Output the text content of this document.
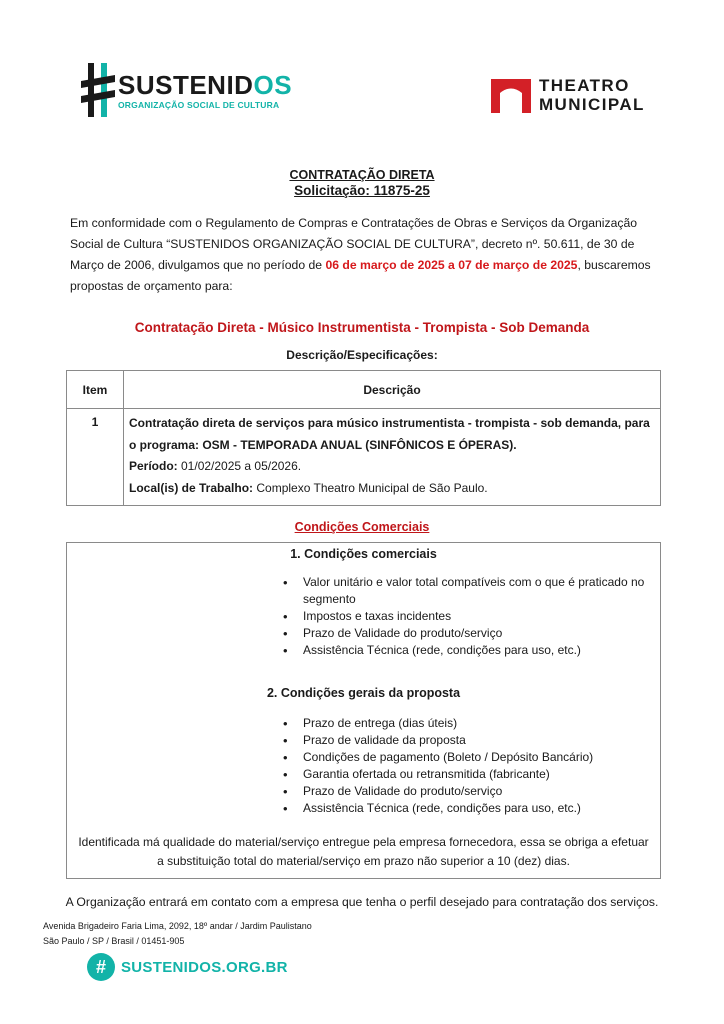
SUSTENIDOS
ORGANIZAÇÃO SOCIAL DE CULTURA
THEATRO
MUNICIPAL
CONTRATAÇÃO DIRETA
Solicitação: 11875-25

Em conformidade com o Regulamento de Compras e Contratações de Obras e Serviços da Organização Social de Cultura “SUSTENIDOS ORGANIZAÇÃO SOCIAL DE CULTURA”, decreto nº. 50.611, de 30 de Março de 2006, divulgamos que no período de 06 de março de 2025 a 07 de março de 2025, buscaremos propostas de orçamento para:

Contratação Direta - Músico Instrumentista - Trompista - Sob Demanda
Descrição/Especificações:
Item	Descrição
1	Contratação direta de serviços para músico instrumentista - trompista - sob demanda, para o programa: OSM - TEMPORADA ANUAL (SINFÔNICOS E ÓPERAS).
Período: 01/02/2025 a 05/2026.
Local(is) de Trabalho: Complexo Theatro Municipal de São Paulo.
Condições Comerciais
1. Condições comerciais
• Valor unitário e valor total compatíveis com o que é praticado no segmento
• Impostos e taxas incidentes
• Prazo de Validade do produto/serviço
• Assistência Técnica (rede, condições para uso, etc.)
2. Condições gerais da proposta
• Prazo de entrega (dias úteis)
• Prazo de validade da proposta
• Condições de pagamento (Boleto / Depósito Bancário)
• Garantia ofertada ou retransmitida (fabricante)
• Prazo de Validade do produto/serviço
• Assistência Técnica (rede, condições para uso, etc.)
Identificada má qualidade do material/serviço entregue pela empresa fornecedora, essa se obriga a efetuar
a substituição total do material/serviço em prazo não superior a 10 (dez) dias.
A Organização entrará em contato com a empresa que tenha o perfil desejado para contratação dos serviços.
Avenida Brigadeiro Faria Lima, 2092, 18º andar / Jardim Paulistano
São Paulo / SP / Brasil / 01451-905
#	SUSTENIDOS.ORG.BR
